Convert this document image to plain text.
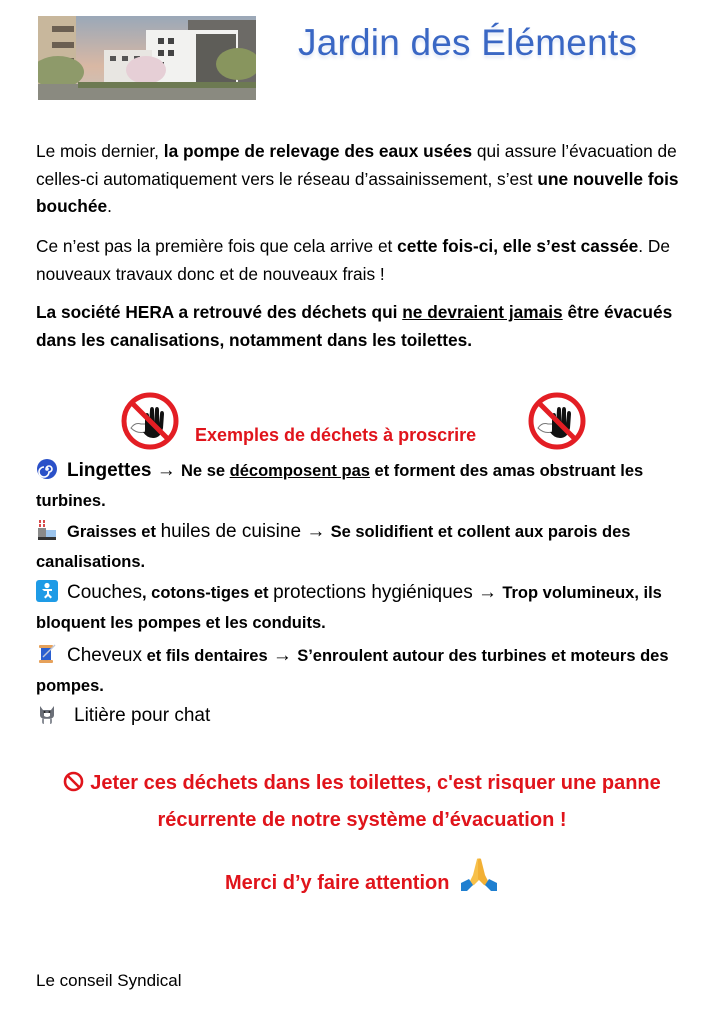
Jardin des Éléments
Le mois dernier, la pompe de relevage des eaux usées qui assure l’évacuation de celles-ci automatiquement vers le réseau d’assainissement, s’est une nouvelle fois bouchée.
Ce n’est pas la première fois que cela arrive et cette fois-ci, elle s’est cassée. De nouveaux travaux donc et de nouveaux frais !
La société HERA a retrouvé des déchets qui ne devraient jamais être évacués dans les canalisations, notamment dans les toilettes.
Exemples de déchets à proscrire
Lingettes → Ne se décomposent pas et forment des amas obstruant les turbines.
Graisses et huiles de cuisine → Se solidifient et collent aux parois des canalisations.
Couches, cotons-tiges et protections hygiéniques → Trop volumineux, ils bloquent les pompes et les conduits.
Cheveux et fils dentaires → S’enroulent autour des turbines et moteurs des pompes.
Litière pour chat
Jeter ces déchets dans les toilettes, c'est risquer une panne récurrente de notre système d’évacuation !
Merci d’y faire attention
Le conseil Syndical
